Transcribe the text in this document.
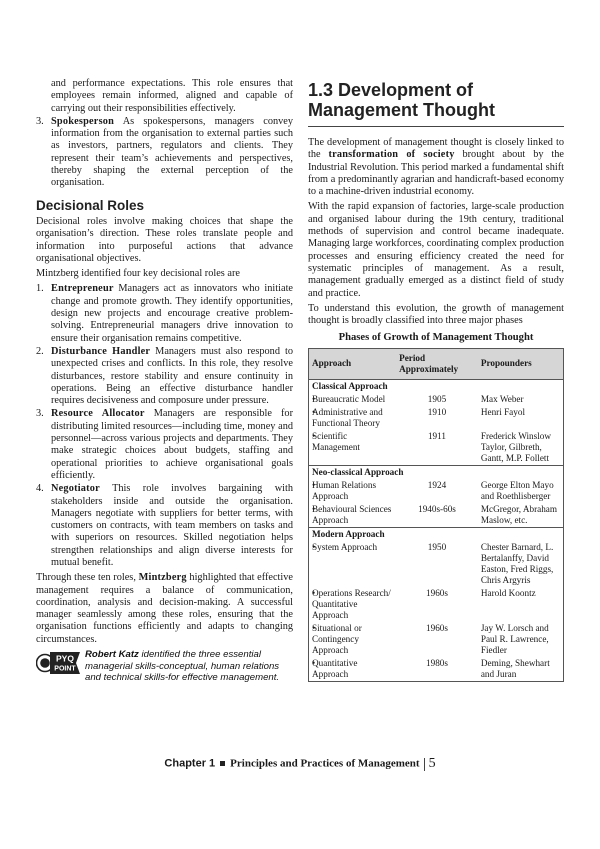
and performance expectations. This role ensures that employees remain informed, aligned and capable of carrying out their responsibilities effectively.

3. Spokesperson As spokespersons, managers convey information from the organisation to external parties such as investors, partners, regulators and clients. They represent their team’s achievements and perspectives, thereby shaping the external perception of the organisation.
Decisional Roles

Decisional roles involve making choices that shape the organisation’s direction. These roles translate people and information into purposeful actions that advance organisational objectives.

Mintzberg identified four key decisional roles are

1. Entrepreneur Managers act as innovators who initiate change and promote growth. They identify opportunities, design new projects and encourage creative problem-solving. Entrepreneurial managers drive innovation to ensure their organisation remains competitive.
2. Disturbance Handler Managers must also respond to unexpected crises and conflicts. In this role, they resolve disturbances, restore stability and ensure continuity in operations. Being an effective disturbance handler requires decisiveness and composure under pressure.
3. Resource Allocator Managers are responsible for distributing limited resources—including time, money and personnel—across various projects and departments. They make strategic choices about budgets, staffing and operational priorities to achieve organisational goals efficiently.
4. Negotiator This role involves bargaining with stakeholders inside and outside the organisation. Managers negotiate with suppliers for better terms, with customers on contracts, with team members on tasks and with superiors on resources. Skilled negotiation helps strengthen relationships and align diverse interests for mutual benefit.

Through these ten roles, Mintzberg highlighted that effective management requires a balance of communication, coordination, analysis and decision-making. A successful manager seamlessly among these roles, ensuring that the organisation functions efficiently and adapts to changing circumstances.

PYQ
POINT

Robert Katz identified the three essential managerial skills-conceptual, human relations and technical skills-for effective management.

1.3 Development of Management Thought

The development of management thought is closely linked to the transformation of society brought about by the Industrial Revolution. This period marked a fundamental shift from a predominantly agrarian and handicraft-based economy to a machine-driven industrial economy.

With the rapid expansion of factories, large-scale production and organised labour during the 19th century, traditional methods of supervision and control became inadequate. Managing large workforces, coordinating complex production processes and ensuring efficiency created the need for systematic principles of management. As a result, management gradually emerged as a distinct field of study and practice.

To understand this evolution, the growth of management thought is broadly classified into three major phases

Phases of Growth of Management Thought
Approach	Period Approximately	Propounders
Classical Approach		
• Bureaucratic Model	1905	Max Weber
• Administrative and Functional Theory	1910	Henri Fayol
• Scientific Management	1911	Frederick Winslow Taylor, Gilbreth, Gantt, M.P. Follett
Neo-classical Approach		
• Human Relations Approach	1924	George Elton Mayo and Roethlisberger
• Behavioural Sciences Approach	1940s-60s	McGregor, Abraham Maslow, etc.
Modern Approach		
• System Approach	1950	Chester Barnard, L. Bertalanffy, David Easton, Fred Riggs, Chris Argyris
• Operations Research/ Quantitative Approach	1960s	Harold Koontz
• Situational or Contingency Approach	1960s	Jay W. Lorsch and Paul R. Lawrence, Fiedler
• Quantitative Approach	1980s	Deming, Shewhart and Juran
Chapter 1 Principles and Practices of Management 5
